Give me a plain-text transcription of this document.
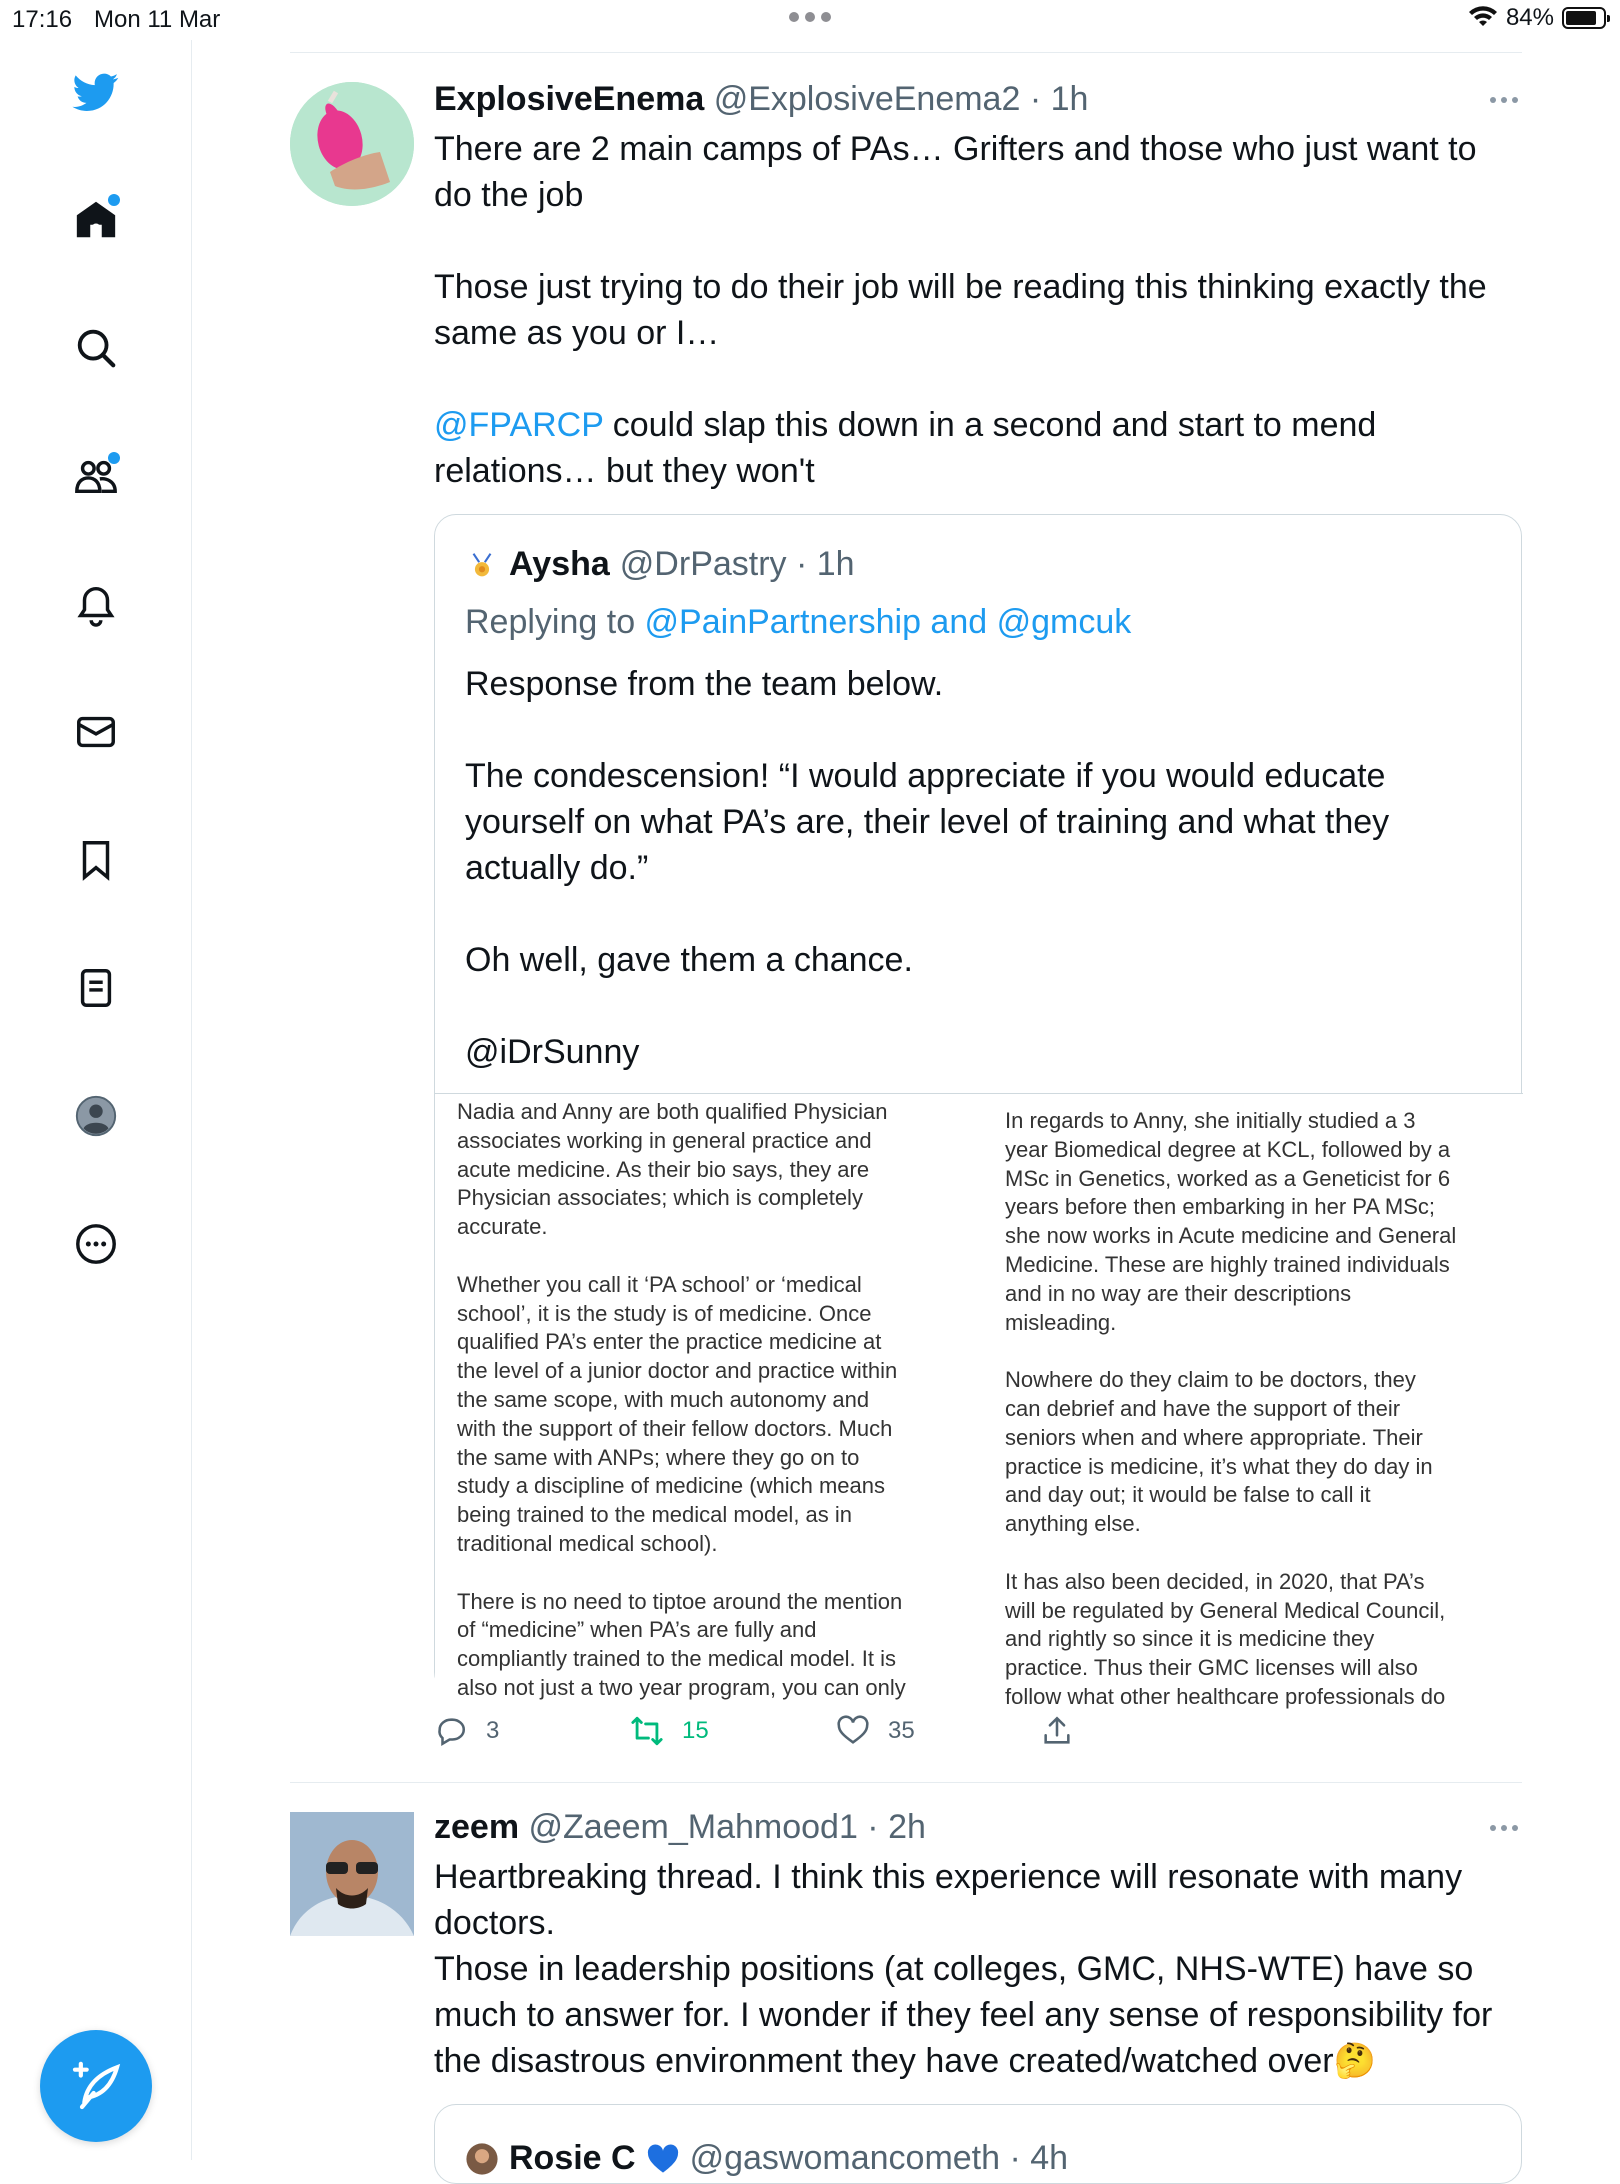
17:16 Mon 11 Mar	84%
ExplosiveEnema @ExplosiveEnema2 · 1h

There are 2 main camps of PAs… Grifters and those who just want to

do the job

Those just trying to do their job will be reading this thinking exactly the

same as you or I…

@FPARCP could slap this down in a second and start to mend

relations… but they won't

Aysha @DrPastry · 1h
Replying to @PainPartnership and @gmcuk

Response from the team below.

The condescension! “I would appreciate if you would educate

yourself on what PA’s are, their level of training and what they

actually do.”

Oh well, gave them a chance.

@iDrSunny

Nadia and Anny are both qualified Physician
associates working in general practice and
acute medicine. As their bio says, they are
Physician associates; which is completely
accurate.
Whether you call it ‘PA school’ or ‘medical
school’, it is the study is of medicine. Once
qualified PA’s enter the practice medicine at
the level of a junior doctor and practice within
the same scope, with much autonomy and
with the support of their fellow doctors. Much
the same with ANPs; where they go on to
study a discipline of medicine (which means
being trained to the medical model, as in
traditional medical school).
There is no need to tiptoe around the mention
of “medicine” when PA’s are fully and
compliantly trained to the medical model. It is
also not just a two year program, you can only
In regards to Anny, she initially studied a 3
year Biomedical degree at KCL, followed by a
MSc in Genetics, worked as a Geneticist for 6
years before then embarking in her PA MSc;
she now works in Acute medicine and General
Medicine. These are highly trained individuals
and in no way are their descriptions
misleading.
Nowhere do they claim to be doctors, they
can debrief and have the support of their
seniors when and where appropriate. Their
practice is medicine, it’s what they do day in
and day out; it would be false to call it
anything else.
It has also been decided, in 2020, that PA’s
will be regulated by General Medical Council,
and rightly so since it is medicine they
practice. Thus their GMC licenses will also
follow what other healthcare professionals do
3	15	35
zeem @Zaeem_Mahmood1 · 2h

Heartbreaking thread. I think this experience will resonate with many

doctors.

Those in leadership positions (at colleges, GMC, NHS-WTE) have so

much to answer for. I wonder if they feel any sense of responsibility for

the disastrous environment they have created/watched over🤔

Rosie C @gaswomancometh · 4h
